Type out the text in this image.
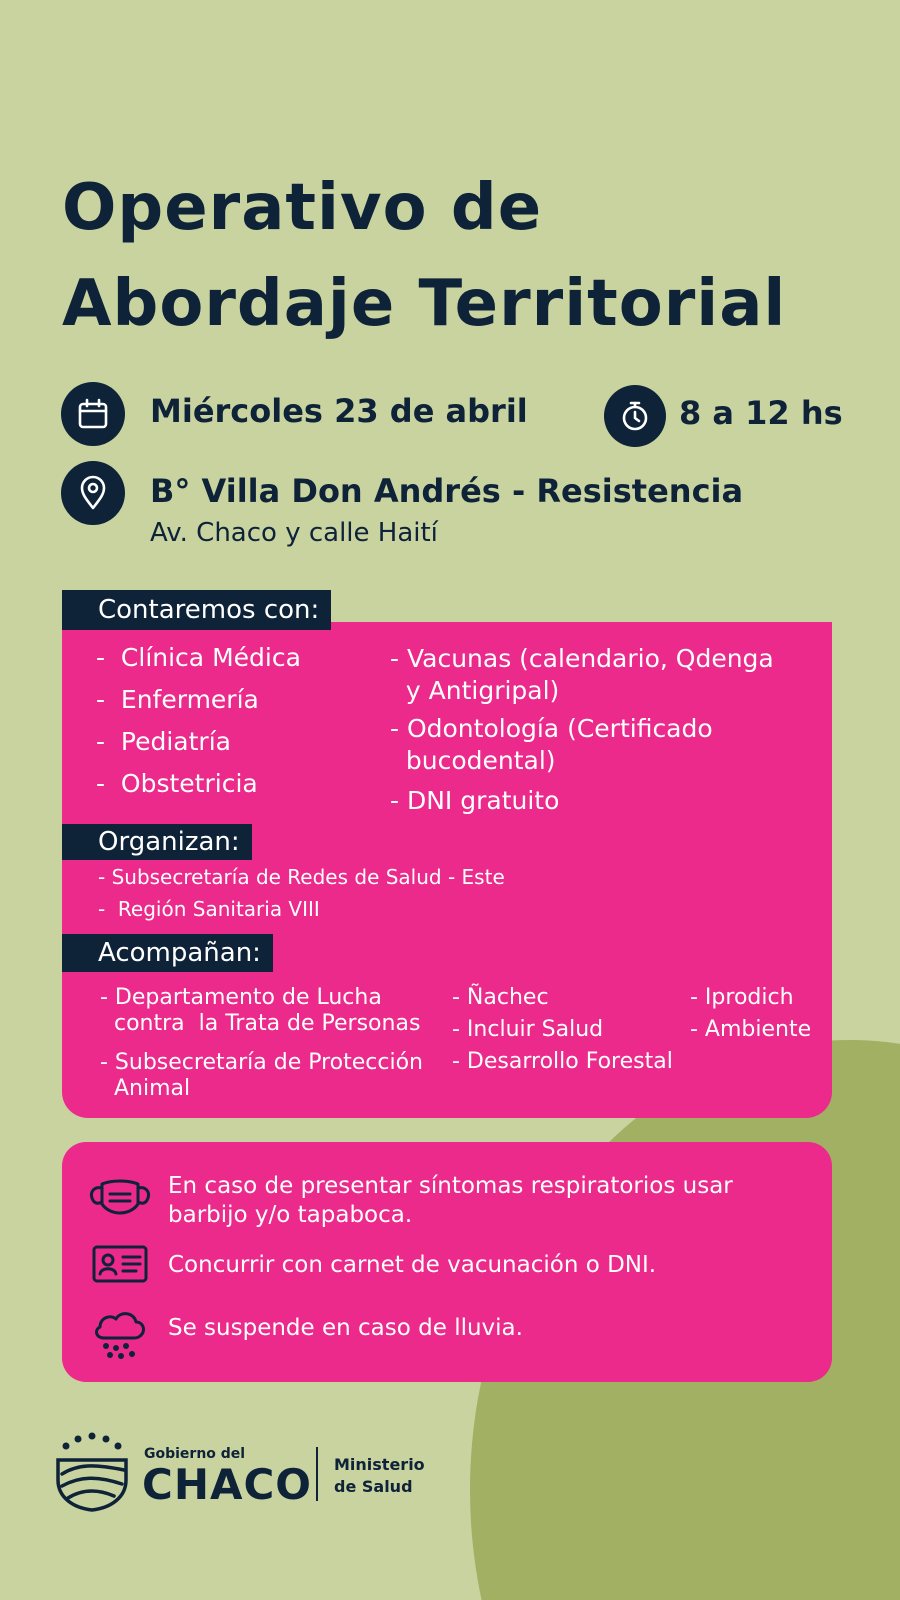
Operativo de
Abordaje Territorial
Miércoles 23 de abril	8 a 12 hs
B° Villa Don Andrés - Resistencia
Av. Chaco y calle Haití
Contaremos con:
-  Clínica Médica
-  Enfermería
-  Pediatría
-  Obstetricia
- Vacunas (calendario, Qdenga
y Antigripal)
- Odontología (Certificado
bucodental)
- DNI gratuito
Organizan:
- Subsecretaría de Redes de Salud - Este
-  Región Sanitaria VIII
Acompañan:
- Departamento de Lucha
contra  la Trata de Personas
- Subsecretaría de Protección
Animal
- Ñachec
- Incluir Salud
- Desarrollo Forestal
- Iprodich
- Ambiente
En caso de presentar síntomas respiratorios usar
barbijo y/o tapaboca.
Concurrir con carnet de vacunación o DNI.
Se suspende en caso de lluvia.
Gobierno del
CHACO Ministerio
de Salud
